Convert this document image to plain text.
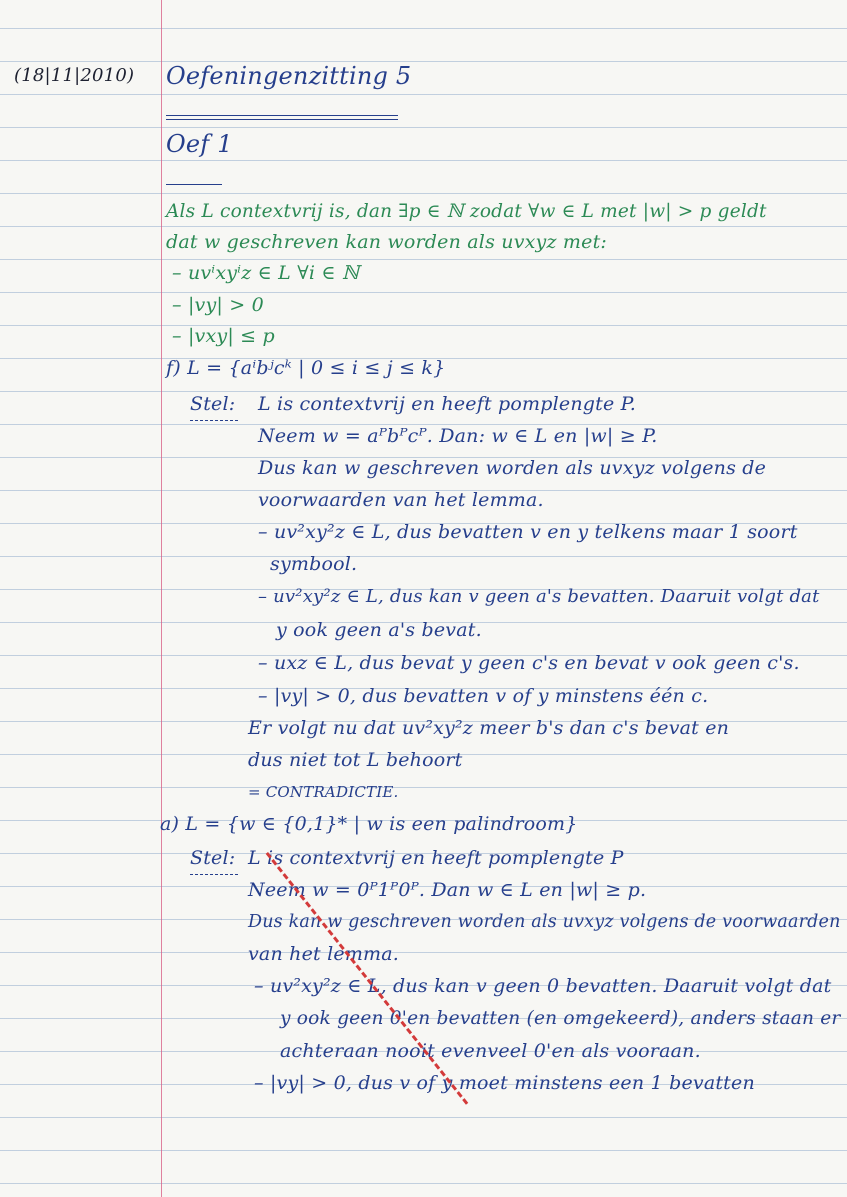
(18|11|2010) Oefeningenzitting 5
Oef 1
Als L contextvrij is, dan ∃p ∈ ℕ zodat ∀w ∈ L met |w| > p geldt
dat w geschreven kan worden als uvxyz met:
– uvⁱxyⁱz ∈ L ∀i ∈ ℕ
– |vy| > 0
– |vxy| ≤ p
f) L = {aⁱbʲcᵏ | 0 ≤ i ≤ j ≤ k}
Stel: L is contextvrij en heeft pomplengte P.
Neem w = aᴾbᴾcᴾ. Dan: w ∈ L en |w| ≥ P.
Dus kan w geschreven worden als uvxyz volgens de
voorwaarden van het lemma.
– uv²xy²z ∈ L, dus bevatten v en y telkens maar 1 soort
symbool.
– uv²xy²z ∈ L, dus kan v geen a's bevatten. Daaruit volgt dat
y ook geen a's bevat.
– uxz ∈ L, dus bevat y geen c's en bevat v ook geen c's.
– |vy| > 0, dus bevatten v of y minstens één c.
Er volgt nu dat uv²xy²z meer b's dan c's bevat en
dus niet tot L behoort
= CONTRADICTIE.
a) L = {w ∈ {0,1}* | w is een palindroom}
Stel: L is contextvrij en heeft pomplengte P
Neem w = 0ᴾ1ᴾ0ᴾ. Dan w ∈ L en |w| ≥ p.
Dus kan w geschreven worden als uvxyz volgens de voorwaarden
van het lemma.
– uv²xy²z ∈ L, dus kan v geen 0 bevatten. Daaruit volgt dat
y ook geen 0'en bevatten (en omgekeerd), anders staan er
achteraan nooit evenveel 0'en als vooraan.
– |vy| > 0, dus v of y moet minstens een 1 bevatten
